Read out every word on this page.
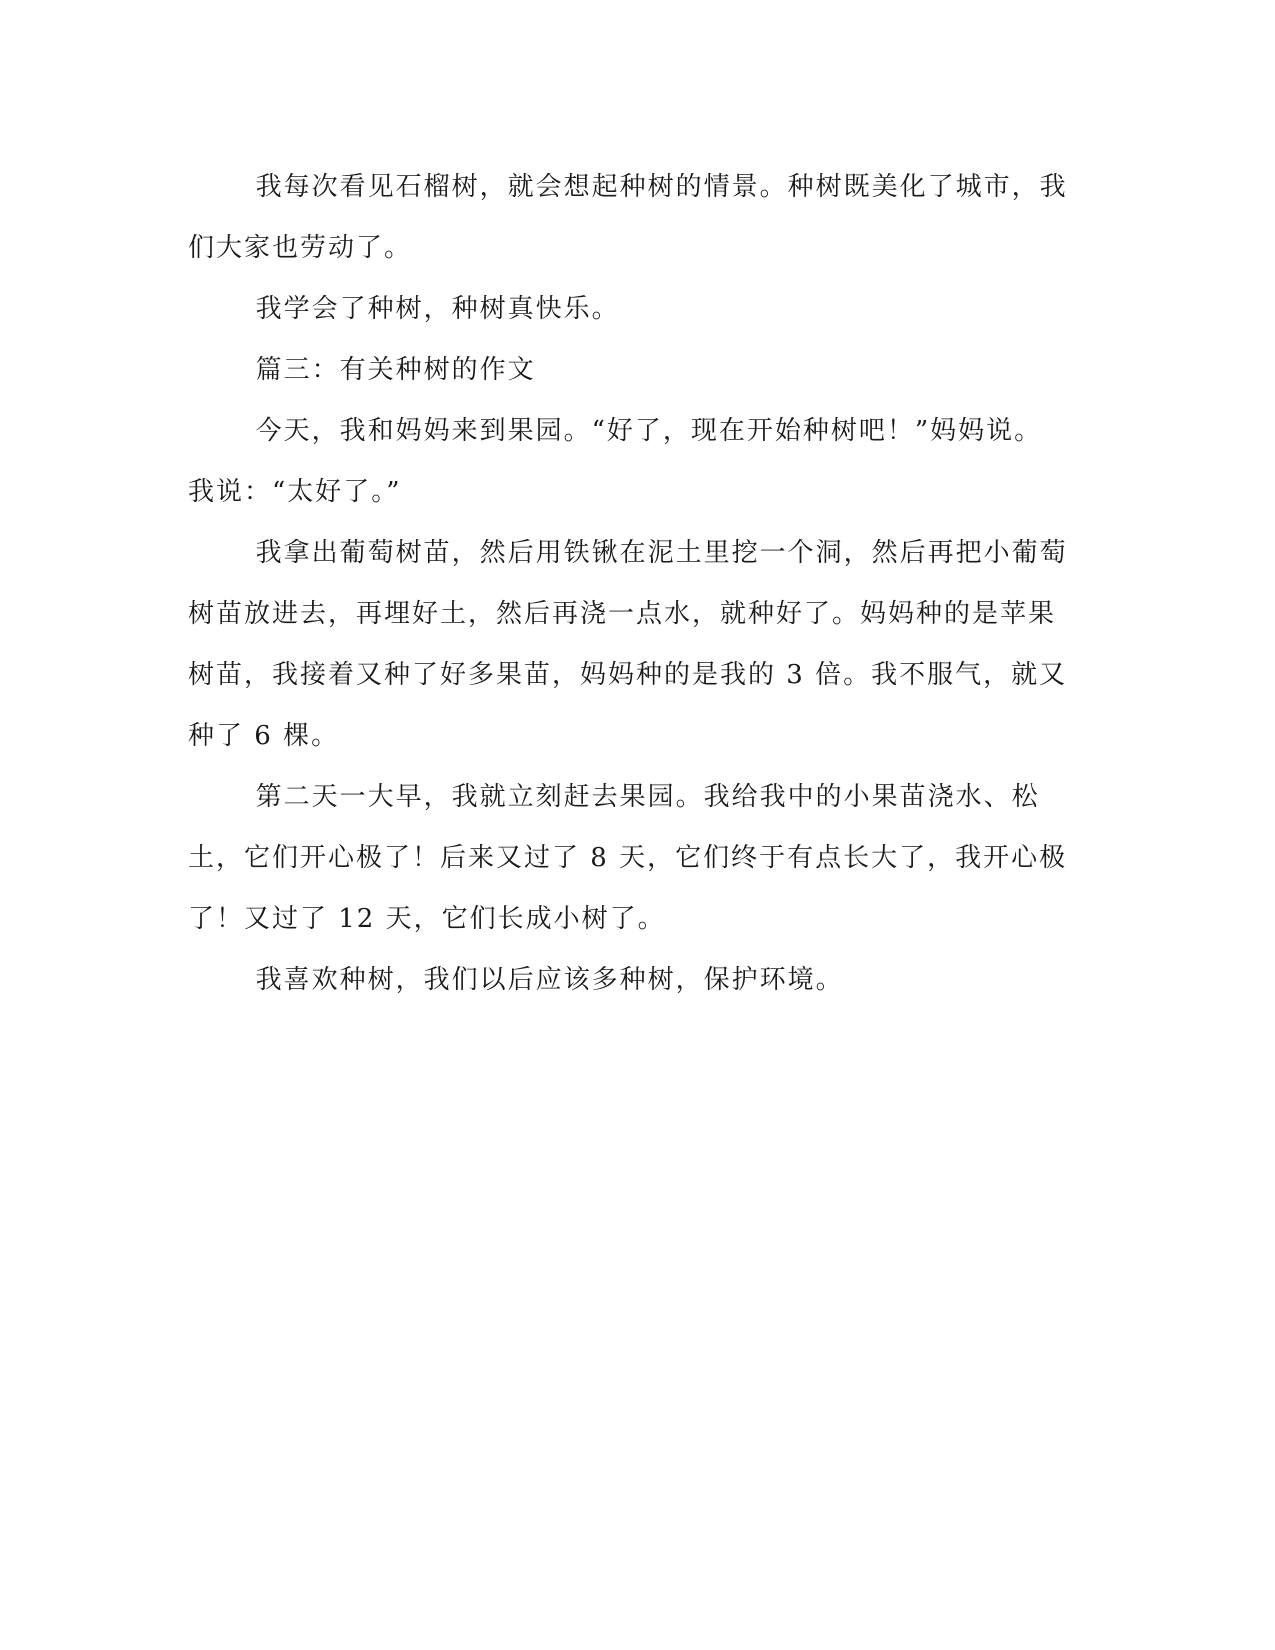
我每次看见石榴树，就会想起种树的情景。种树既美化了城市，我们大家也劳动了。

我学会了种树，种树真快乐。

篇三：有关种树的作文

今天，我和妈妈来到果园。“好了，现在开始种树吧！”妈妈说。我说：“太好了。”

我拿出葡萄树苗，然后用铁锹在泥土里挖一个洞，然后再把小葡萄树苗放进去，再埋好土，然后再浇一点水，就种好了。妈妈种的是苹果树苗，我接着又种了好多果苗，妈妈种的是我的 3 倍。我不服气，就又种了 6 棵。

第二天一大早，我就立刻赶去果园。我给我中的小果苗浇水、松土，它们开心极了！后来又过了 8 天，它们终于有点长大了，我开心极了！又过了 12 天，它们长成小树了。

我喜欢种树，我们以后应该多种树，保护环境。
